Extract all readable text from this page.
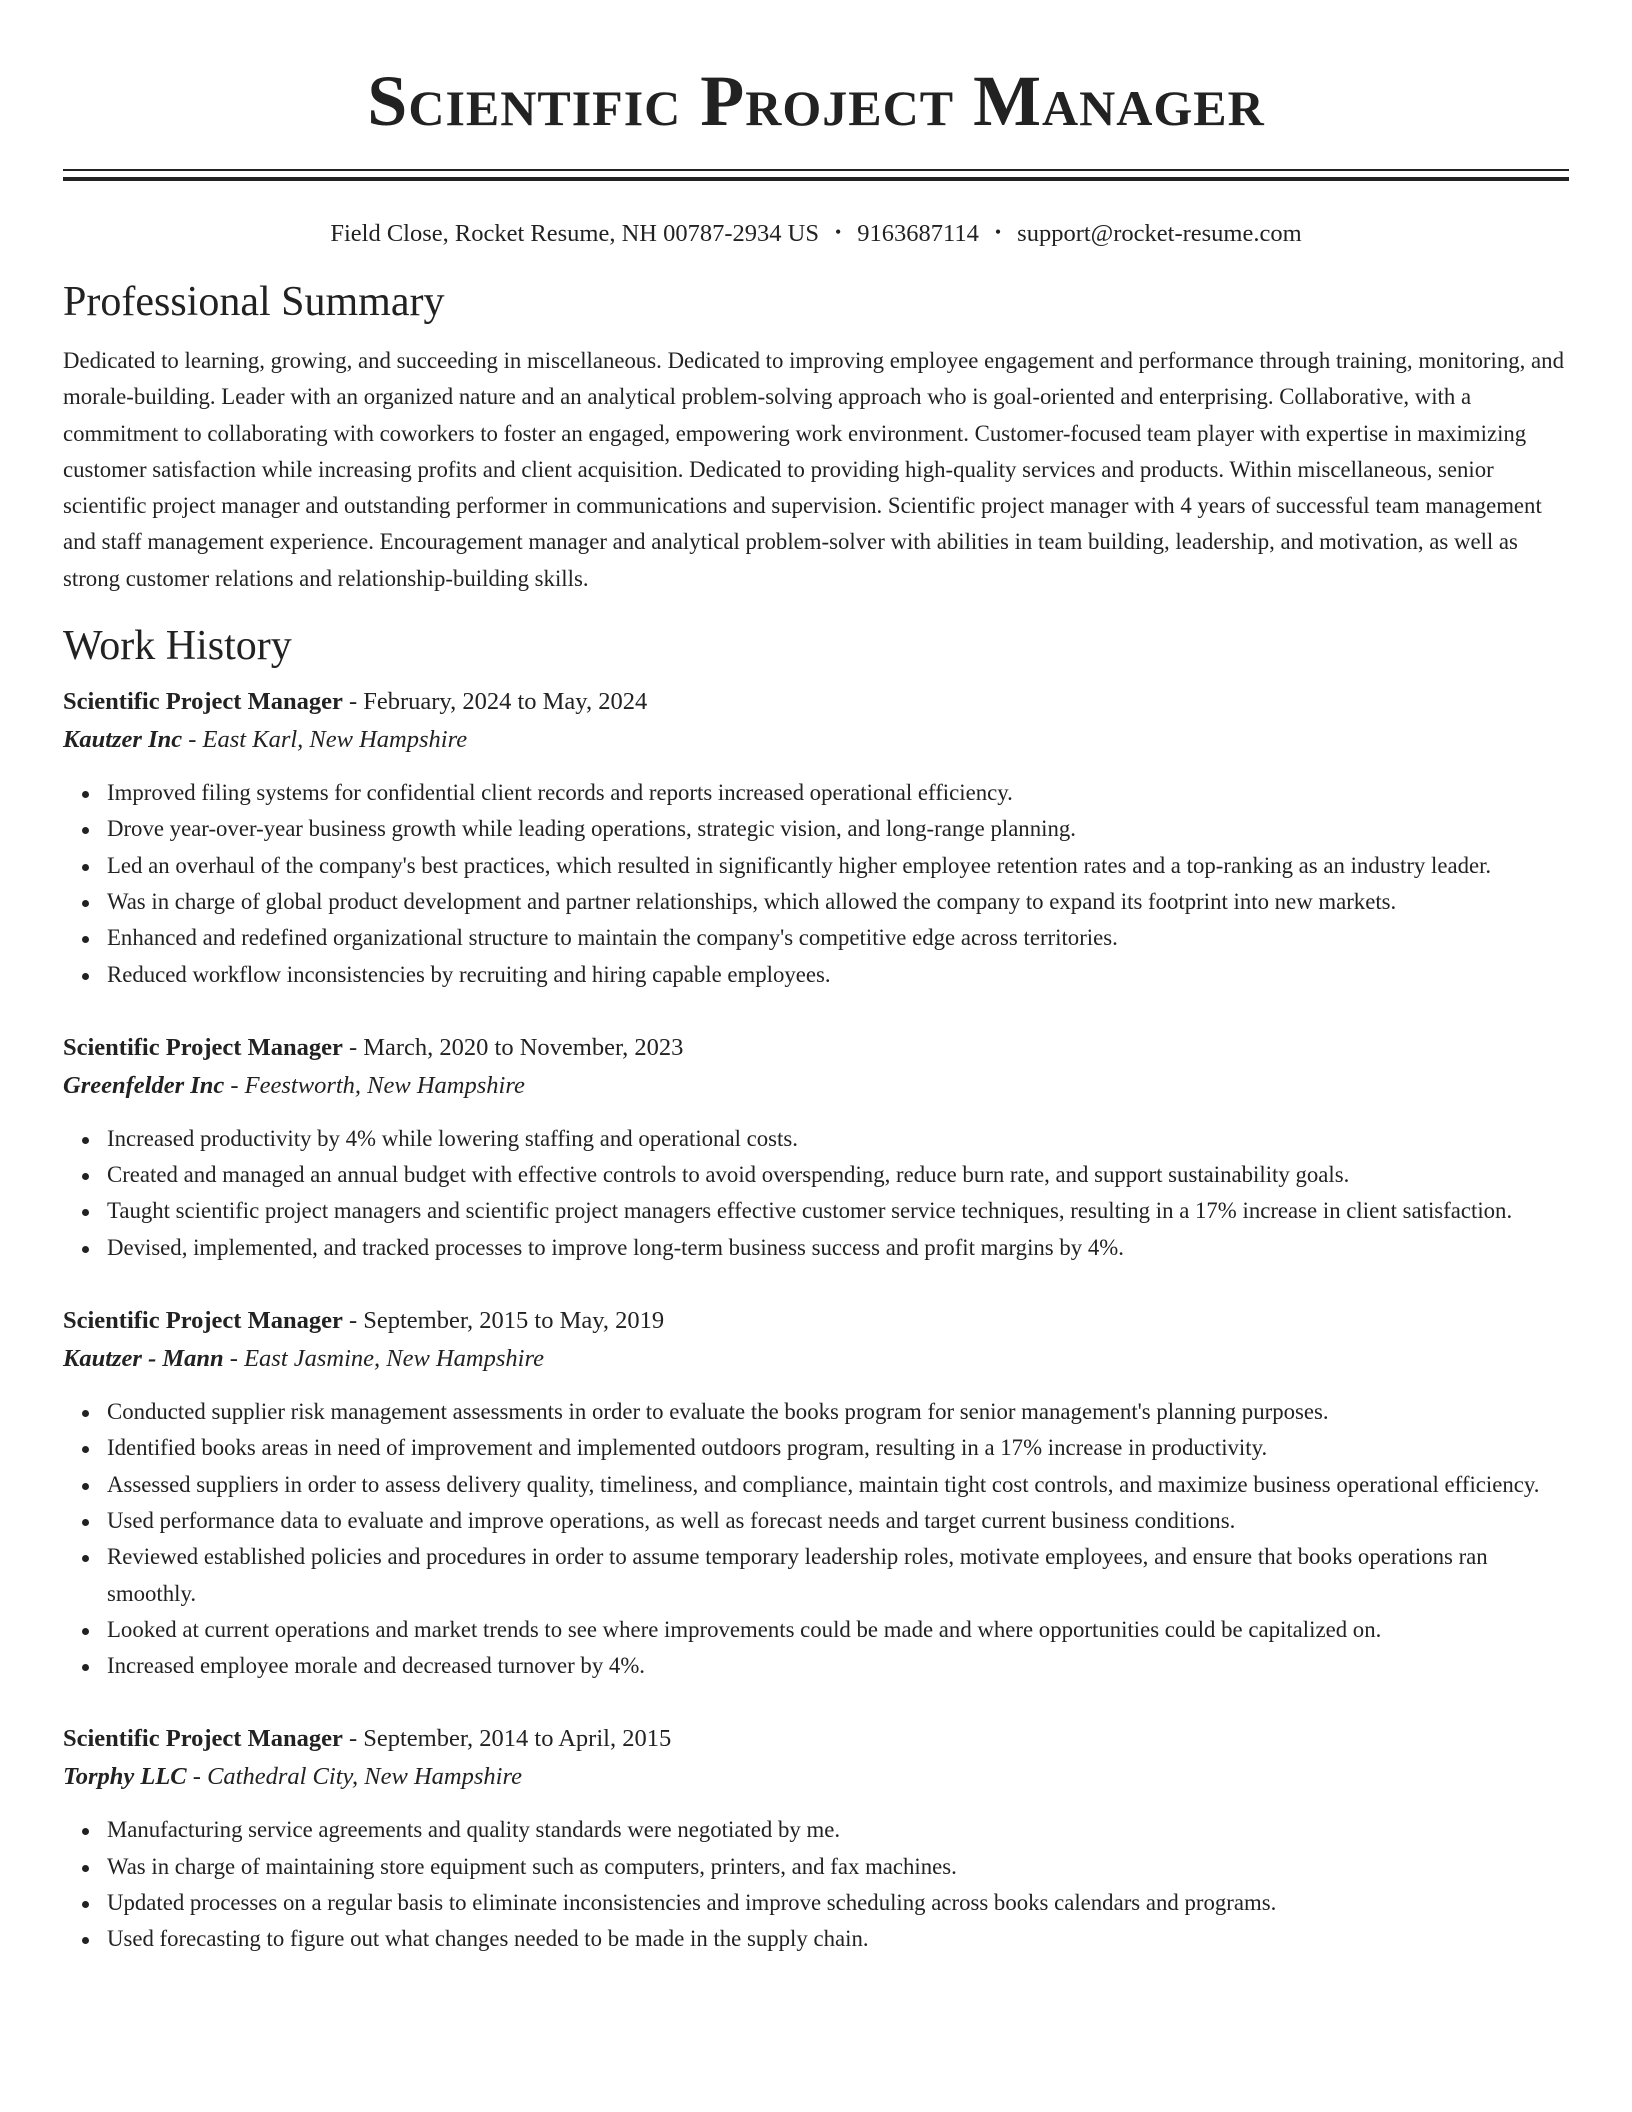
Scientific Project Manager
Field Close, Rocket Resume, NH 00787-2934 US • 9163687114 • support@rocket-resume.com
Professional Summary

Dedicated to learning, growing, and succeeding in miscellaneous. Dedicated to improving employee engagement and performance through training, monitoring, and morale-building. Leader with an organized nature and an analytical problem-solving approach who is goal-oriented and enterprising. Collaborative, with a commitment to collaborating with coworkers to foster an engaged, empowering work environment. Customer-focused team player with expertise in maximizing customer satisfaction while increasing profits and client acquisition. Dedicated to providing high-quality services and products. Within miscellaneous, senior scientific project manager and outstanding performer in communications and supervision. Scientific project manager with 4 years of successful team management and staff management experience. Encouragement manager and analytical problem-solver with abilities in team building, leadership, and motivation, as well as strong customer relations and relationship-building skills.

Work History
Scientific Project Manager - February, 2024 to May, 2024
Kautzer Inc - East Karl, New Hampshire
Improved filing systems for confidential client records and reports increased operational efficiency.
Drove year-over-year business growth while leading operations, strategic vision, and long-range planning.
Led an overhaul of the company's best practices, which resulted in significantly higher employee retention rates and a top-ranking as an industry leader.
Was in charge of global product development and partner relationships, which allowed the company to expand its footprint into new markets.
Enhanced and redefined organizational structure to maintain the company's competitive edge across territories.
Reduced workflow inconsistencies by recruiting and hiring capable employees.
Scientific Project Manager - March, 2020 to November, 2023
Greenfelder Inc - Feestworth, New Hampshire
Increased productivity by 4% while lowering staffing and operational costs.
Created and managed an annual budget with effective controls to avoid overspending, reduce burn rate, and support sustainability goals.
Taught scientific project managers and scientific project managers effective customer service techniques, resulting in a 17% increase in client satisfaction.
Devised, implemented, and tracked processes to improve long-term business success and profit margins by 4%.
Scientific Project Manager - September, 2015 to May, 2019
Kautzer - Mann - East Jasmine, New Hampshire
Conducted supplier risk management assessments in order to evaluate the books program for senior management's planning purposes.
Identified books areas in need of improvement and implemented outdoors program, resulting in a 17% increase in productivity.
Assessed suppliers in order to assess delivery quality, timeliness, and compliance, maintain tight cost controls, and maximize business operational efficiency.
Used performance data to evaluate and improve operations, as well as forecast needs and target current business conditions.
Reviewed established policies and procedures in order to assume temporary leadership roles, motivate employees, and ensure that books operations ran smoothly.
Looked at current operations and market trends to see where improvements could be made and where opportunities could be capitalized on.
Increased employee morale and decreased turnover by 4%.
Scientific Project Manager - September, 2014 to April, 2015
Torphy LLC - Cathedral City, New Hampshire
Manufacturing service agreements and quality standards were negotiated by me.
Was in charge of maintaining store equipment such as computers, printers, and fax machines.
Updated processes on a regular basis to eliminate inconsistencies and improve scheduling across books calendars and programs.
Used forecasting to figure out what changes needed to be made in the supply chain.
